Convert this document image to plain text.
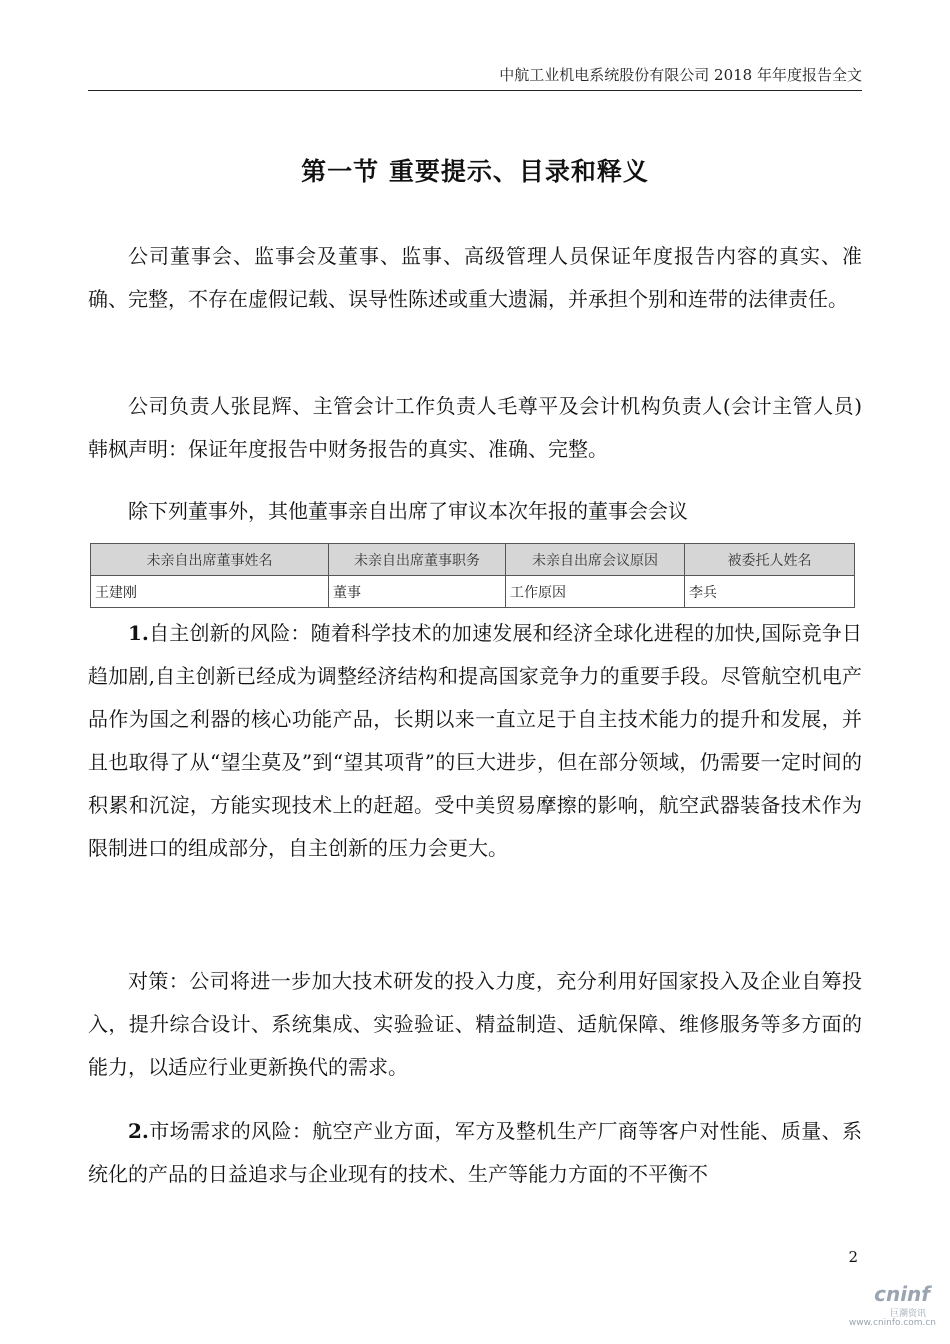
中航工业机电系统股份有限公司 2018 年年度报告全文
第一节 重要提示、目录和释义

公司董事会、监事会及董事、监事、高级管理人员保证年度报告内容的真实、准确、完整，不存在虚假记载、误导性陈述或重大遗漏，并承担个别和连带的法律责任。

公司负责人张昆辉、主管会计工作负责人毛尊平及会计机构负责人(会计主管人员)韩枫声明：保证年度报告中财务报告的真实、准确、完整。

除下列董事外，其他董事亲自出席了审议本次年报的董事会会议

未亲自出席董事姓名	未亲自出席董事职务	未亲自出席会议原因	被委托人姓名
王建刚	董事	工作原因	李兵

1.自主创新的风险：随着科学技术的加速发展和经济全球化进程的加快,国际竞争日趋加剧,自主创新已经成为调整经济结构和提高国家竞争力的重要手段。尽管航空机电产品作为国之利器的核心功能产品，长期以来一直立足于自主技术能力的提升和发展，并且也取得了从“望尘莫及”到“望其项背”的巨大进步，但在部分领域，仍需要一定时间的积累和沉淀，方能实现技术上的赶超。受中美贸易摩擦的影响，航空武器装备技术作为限制进口的组成部分，自主创新的压力会更大。

对策：公司将进一步加大技术研发的投入力度，充分利用好国家投入及企业自筹投入，提升综合设计、系统集成、实验验证、精益制造、适航保障、维修服务等多方面的能力，以适应行业更新换代的需求。

2.市场需求的风险：航空产业方面，军方及整机生产厂商等客户对性能、质量、系统化的产品的日益追求与企业现有的技术、生产等能力方面的不平衡不

2
cninf
巨潮资讯
www.cninfo.com.cn
